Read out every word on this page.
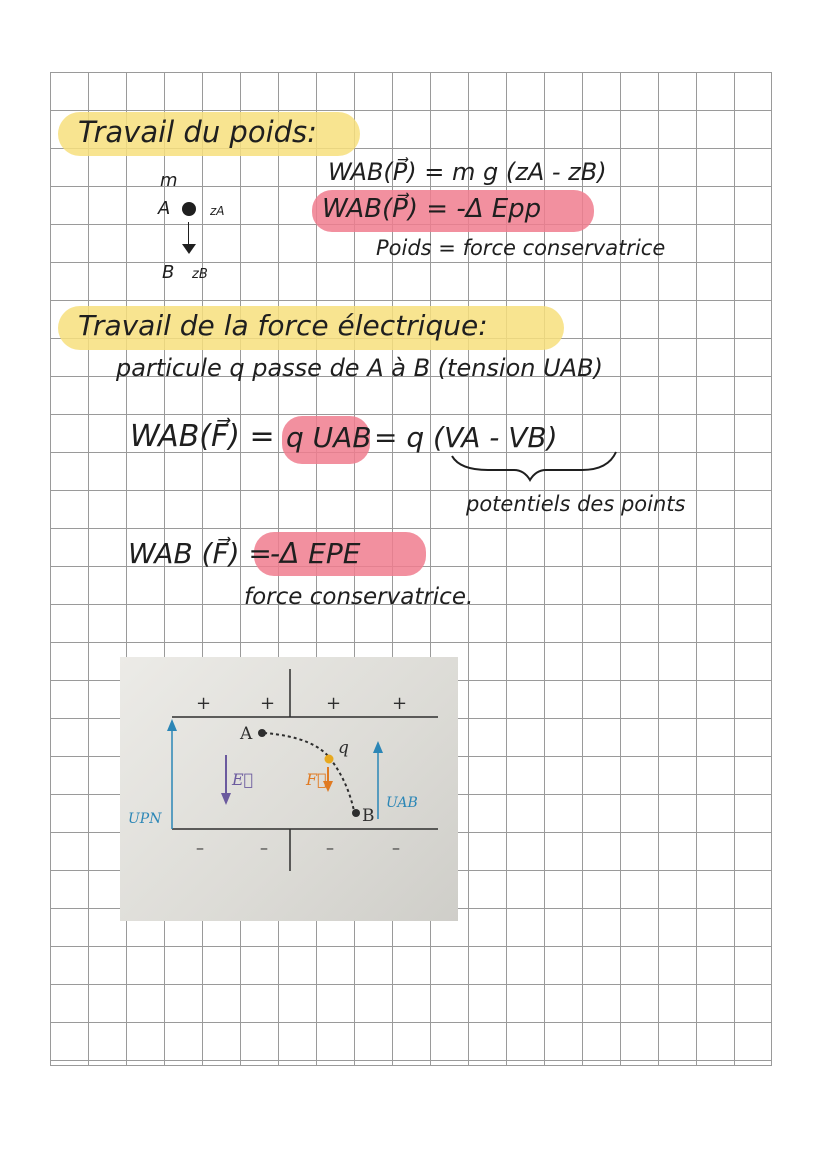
Travail du poids:
m
A	zA
B zB
WAB(P⃗) = m g (zA - zB)
WAB(P⃗) = -Δ Epp
Poids = force conservatrice
Travail de la force électrique:
particule q passe de A à B (tension UAB)
WAB(F⃗) = q UAB = q (VA - VB)
potentiels des points
WAB (F⃗) =
-Δ EPE
force conservatrice.
+	+	+	+
–	–	–	–
A
B
q
E⃗	F⃗
UPN
UAB
